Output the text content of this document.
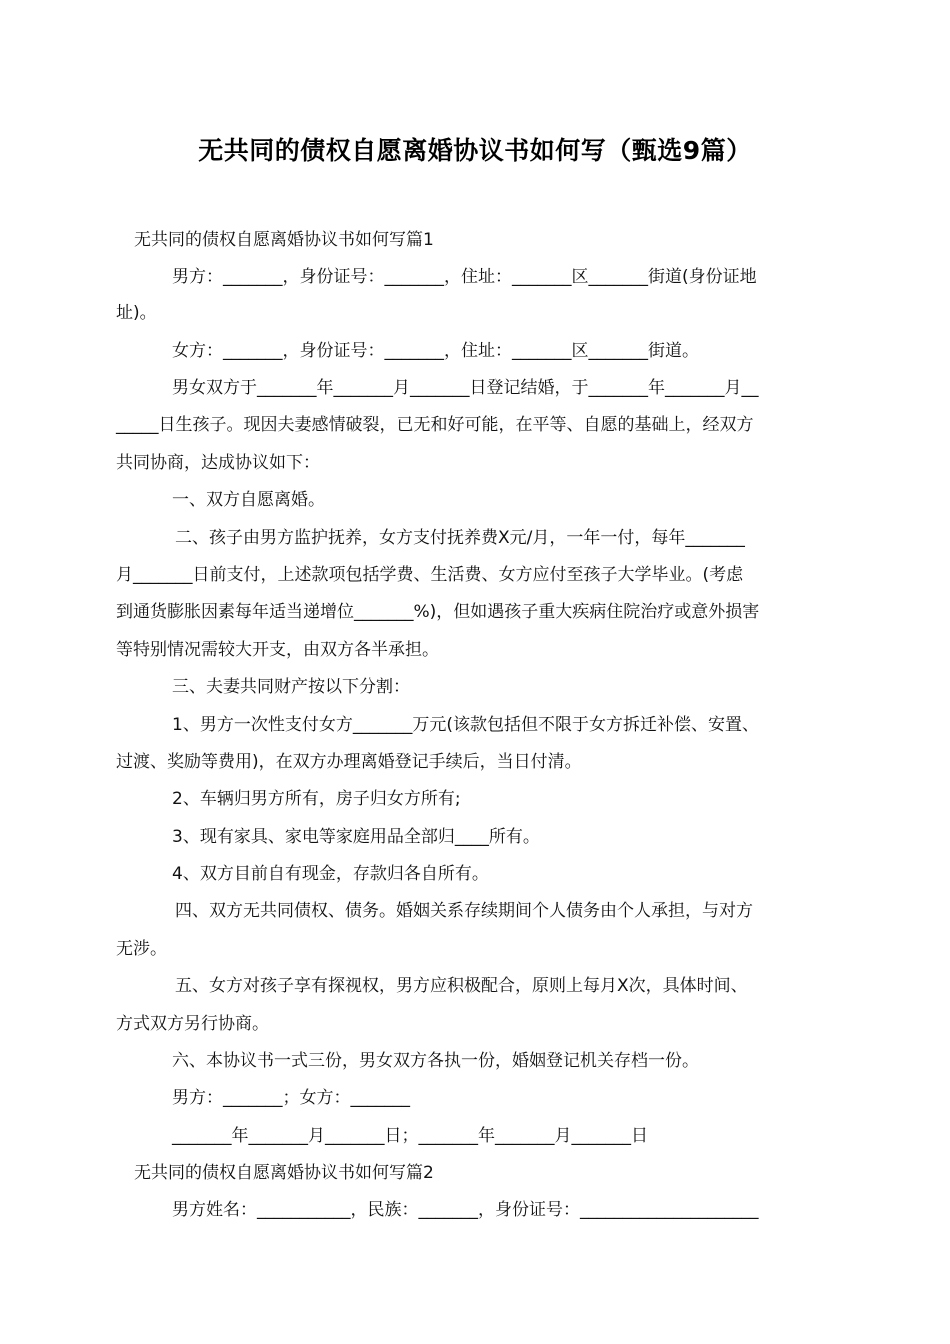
无共同的债权自愿离婚协议书如何写（甄选9篇）
无共同的债权自愿离婚协议书如何写篇1
男方：_______，身份证号：_______，住址：_______区_______街道(身份证地
址)。
女方：_______，身份证号：_______，住址：_______区_______街道。
男女双方于_______年_______月_______日登记结婚，于_______年_______月__
_____日生孩子。现因夫妻感情破裂，已无和好可能，在平等、自愿的基础上，经双方
共同协商，达成协议如下：
一、双方自愿离婚。
二、孩子由男方监护抚养，女方支付抚养费X元/月，一年一付，每年_______
月_______日前支付，上述款项包括学费、生活费、女方应付至孩子大学毕业。(考虑
到通货膨胀因素每年适当递增位_______%)，但如遇孩子重大疾病住院治疗或意外损害
等特别情况需较大开支，由双方各半承担。
三、夫妻共同财产按以下分割：
1、男方一次性支付女方_______万元(该款包括但不限于女方拆迁补偿、安置、
过渡、奖励等费用)，在双方办理离婚登记手续后，当日付清。
2、车辆归男方所有，房子归女方所有;
3、现有家具、家电等家庭用品全部归____所有。
4、双方目前自有现金，存款归各自所有。
四、双方无共同债权、债务。婚姻关系存续期间个人债务由个人承担，与对方
无涉。
五、女方对孩子享有探视权，男方应积极配合，原则上每月X次，具体时间、
方式双方另行协商。
六、本协议书一式三份，男女双方各执一份，婚姻登记机关存档一份。
男方：_______；女方：_______
_______年_______月_______日；_______年_______月_______日
无共同的债权自愿离婚协议书如何写篇2
男方姓名：___________，民族：_______，身份证号：_____________________
